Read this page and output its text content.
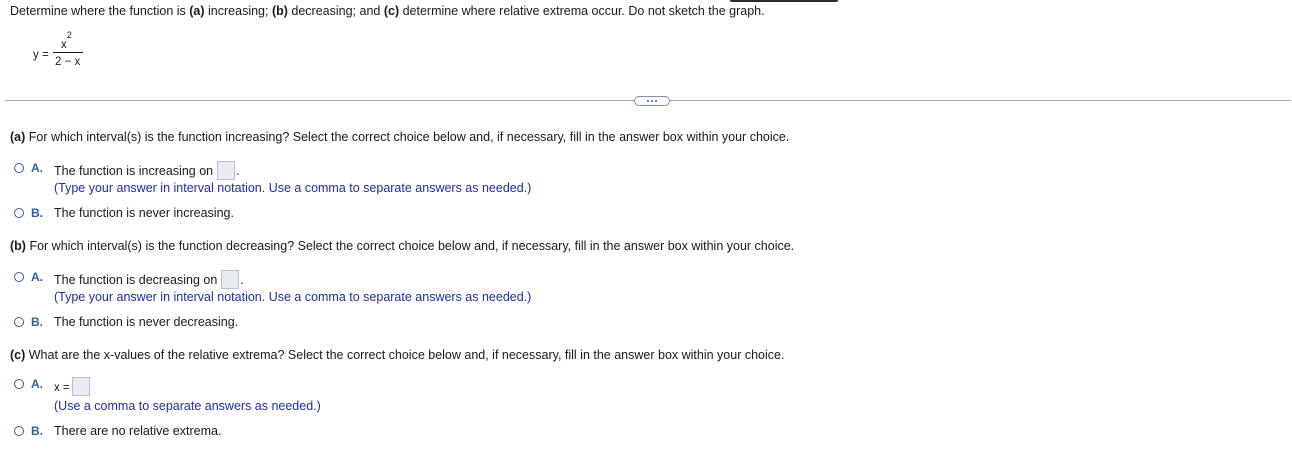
Determine where the function is (a) increasing; (b) decreasing; and (c) determine where relative extrema occur. Do not sketch the graph.
y =
$x^2$
2 − x
(a) For which interval(s) is the function increasing? Select the correct choice below and, if necessary, fill in the answer box within your choice.
A. The function is increasing on .
(Type your answer in interval notation. Use a comma to separate answers as needed.)
B. The function is never increasing.
(b) For which interval(s) is the function decreasing? Select the correct choice below and, if necessary, fill in the answer box within your choice.
A. The function is decreasing on .
(Type your answer in interval notation. Use a comma to separate answers as needed.)
B. The function is never decreasing.
(c) What are the x-values of the relative extrema? Select the correct choice below and, if necessary, fill in the answer box within your choice.
A. x =
(Use a comma to separate answers as needed.)
B. There are no relative extrema.
